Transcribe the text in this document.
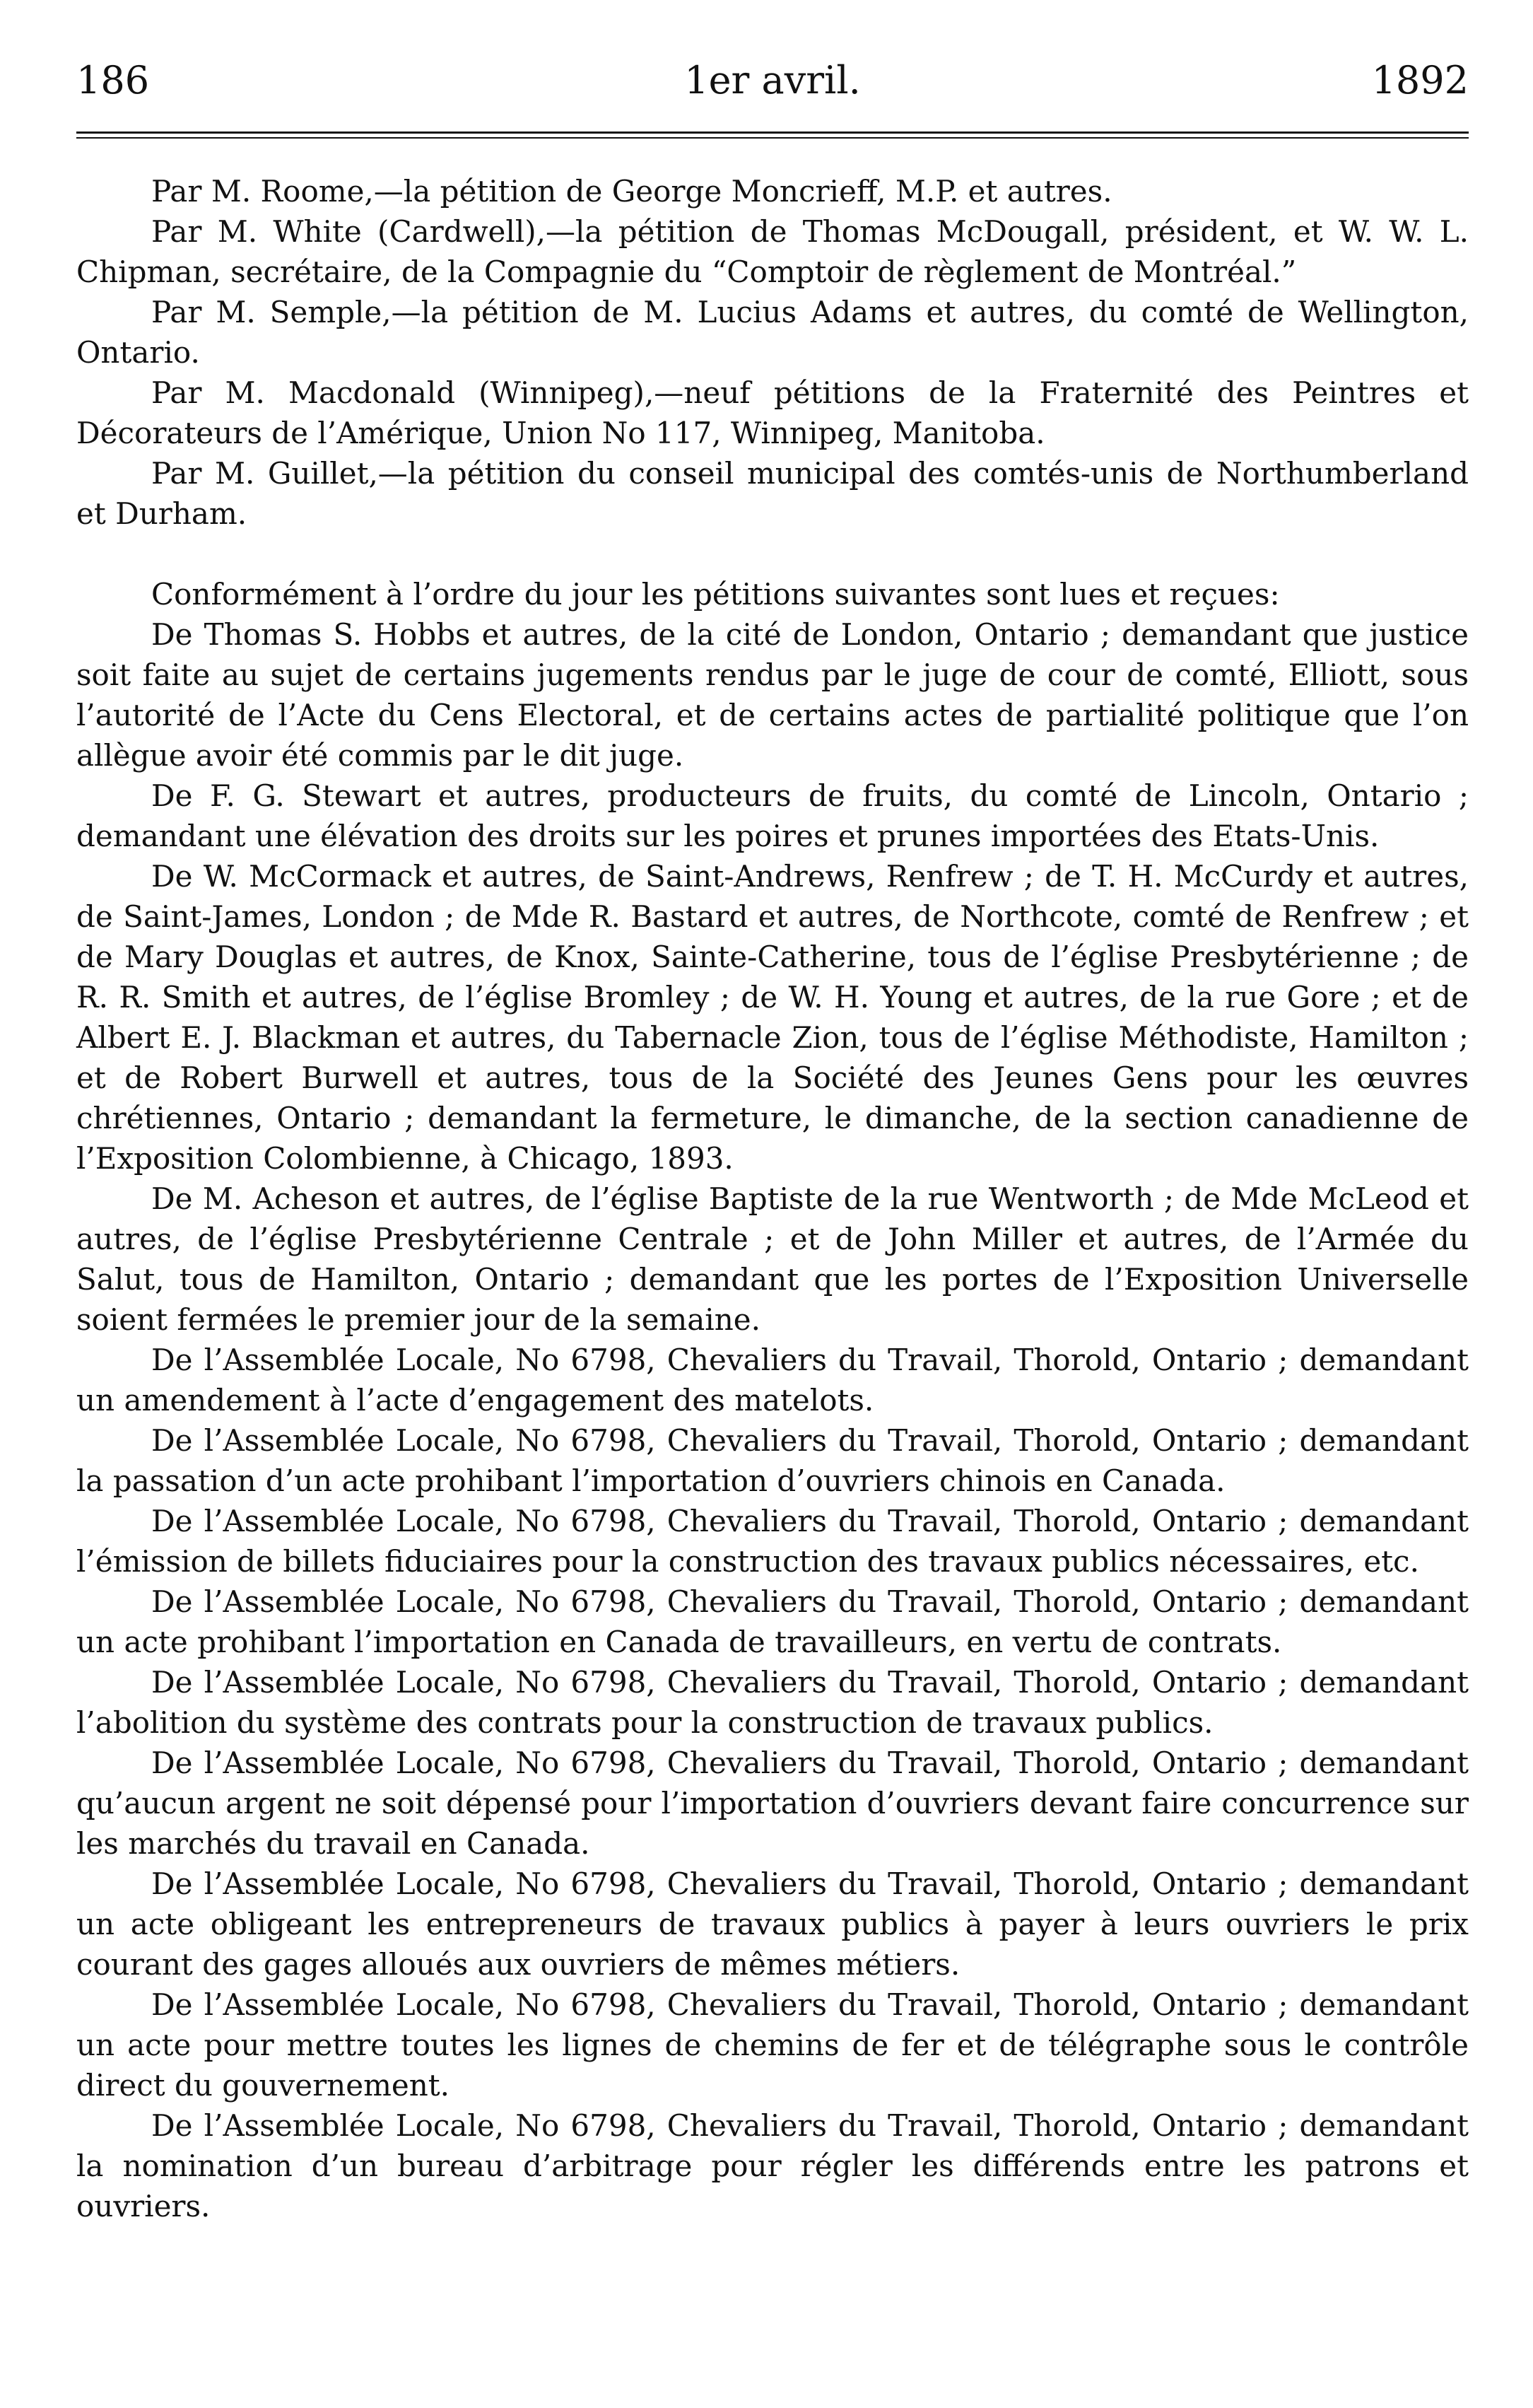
186	1er avril.	1892

Par M. Roome,—la pétition de George Moncrieff, M.P. et autres.

Par M. White (Cardwell),—la pétition de Thomas McDougall, président, et W. W. L. Chipman, secrétaire, de la Compagnie du “Comptoir de règlement de Montréal.”

Par M. Semple,—la pétition de M. Lucius Adams et autres, du comté de Wellington, Ontario.

Par M. Macdonald (Winnipeg),—neuf pétitions de la Fraternité des Peintres et Décorateurs de l’Amérique, Union No 117, Winnipeg, Manitoba.

Par M. Guillet,—la pétition du conseil municipal des comtés-unis de Northumberland et Durham.

Conformément à l’ordre du jour les pétitions suivantes sont lues et reçues:

De Thomas S. Hobbs et autres, de la cité de London, Ontario ; demandant que justice soit faite au sujet de certains jugements rendus par le juge de cour de comté, Elliott, sous l’autorité de l’Acte du Cens Electoral, et de certains actes de partialité politique que l’on allègue avoir été commis par le dit juge.

De F. G. Stewart et autres, producteurs de fruits, du comté de Lincoln, Ontario ; demandant une élévation des droits sur les poires et prunes importées des Etats-Unis.

De W. McCormack et autres, de Saint-Andrews, Renfrew ; de T. H. McCurdy et autres, de Saint-James, London ; de Mde R. Bastard et autres, de Northcote, comté de Renfrew ; et de Mary Douglas et autres, de Knox, Sainte-Catherine, tous de l’église Presbytérienne ; de R. R. Smith et autres, de l’église Bromley ; de W. H. Young et autres, de la rue Gore ; et de Albert E. J. Blackman et autres, du Tabernacle Zion, tous de l’église Méthodiste, Hamilton ; et de Robert Burwell et autres, tous de la Société des Jeunes Gens pour les œuvres chrétiennes, Ontario ; demandant la fermeture, le dimanche, de la section canadienne de l’Exposition Colombienne, à Chicago, 1893.

De M. Acheson et autres, de l’église Baptiste de la rue Wentworth ; de Mde McLeod et autres, de l’église Presbytérienne Centrale ; et de John Miller et autres, de l’Armée du Salut, tous de Hamilton, Ontario ; demandant que les portes de l’Exposition Universelle soient fermées le premier jour de la semaine.

De l’Assemblée Locale, No 6798, Chevaliers du Travail, Thorold, Ontario ; demandant un amendement à l’acte d’engagement des matelots.

De l’Assemblée Locale, No 6798, Chevaliers du Travail, Thorold, Ontario ; demandant la passation d’un acte prohibant l’importation d’ouvriers chinois en Canada.

De l’Assemblée Locale, No 6798, Chevaliers du Travail, Thorold, Ontario ; demandant l’émission de billets fiduciaires pour la construction des travaux publics nécessaires, etc.

De l’Assemblée Locale, No 6798, Chevaliers du Travail, Thorold, Ontario ; demandant un acte prohibant l’importation en Canada de travailleurs, en vertu de contrats.

De l’Assemblée Locale, No 6798, Chevaliers du Travail, Thorold, Ontario ; demandant l’abolition du système des contrats pour la construction de travaux publics.

De l’Assemblée Locale, No 6798, Chevaliers du Travail, Thorold, Ontario ; demandant qu’aucun argent ne soit dépensé pour l’importation d’ouvriers devant faire concurrence sur les marchés du travail en Canada.

De l’Assemblée Locale, No 6798, Chevaliers du Travail, Thorold, Ontario ; demandant un acte obligeant les entrepreneurs de travaux publics à payer à leurs ouvriers le prix courant des gages alloués aux ouvriers de mêmes métiers.

De l’Assemblée Locale, No 6798, Chevaliers du Travail, Thorold, Ontario ; demandant un acte pour mettre toutes les lignes de chemins de fer et de télégraphe sous le contrôle direct du gouvernement.

De l’Assemblée Locale, No 6798, Chevaliers du Travail, Thorold, Ontario ; demandant la nomination d’un bureau d’arbitrage pour régler les différends entre les patrons et ouvriers.
